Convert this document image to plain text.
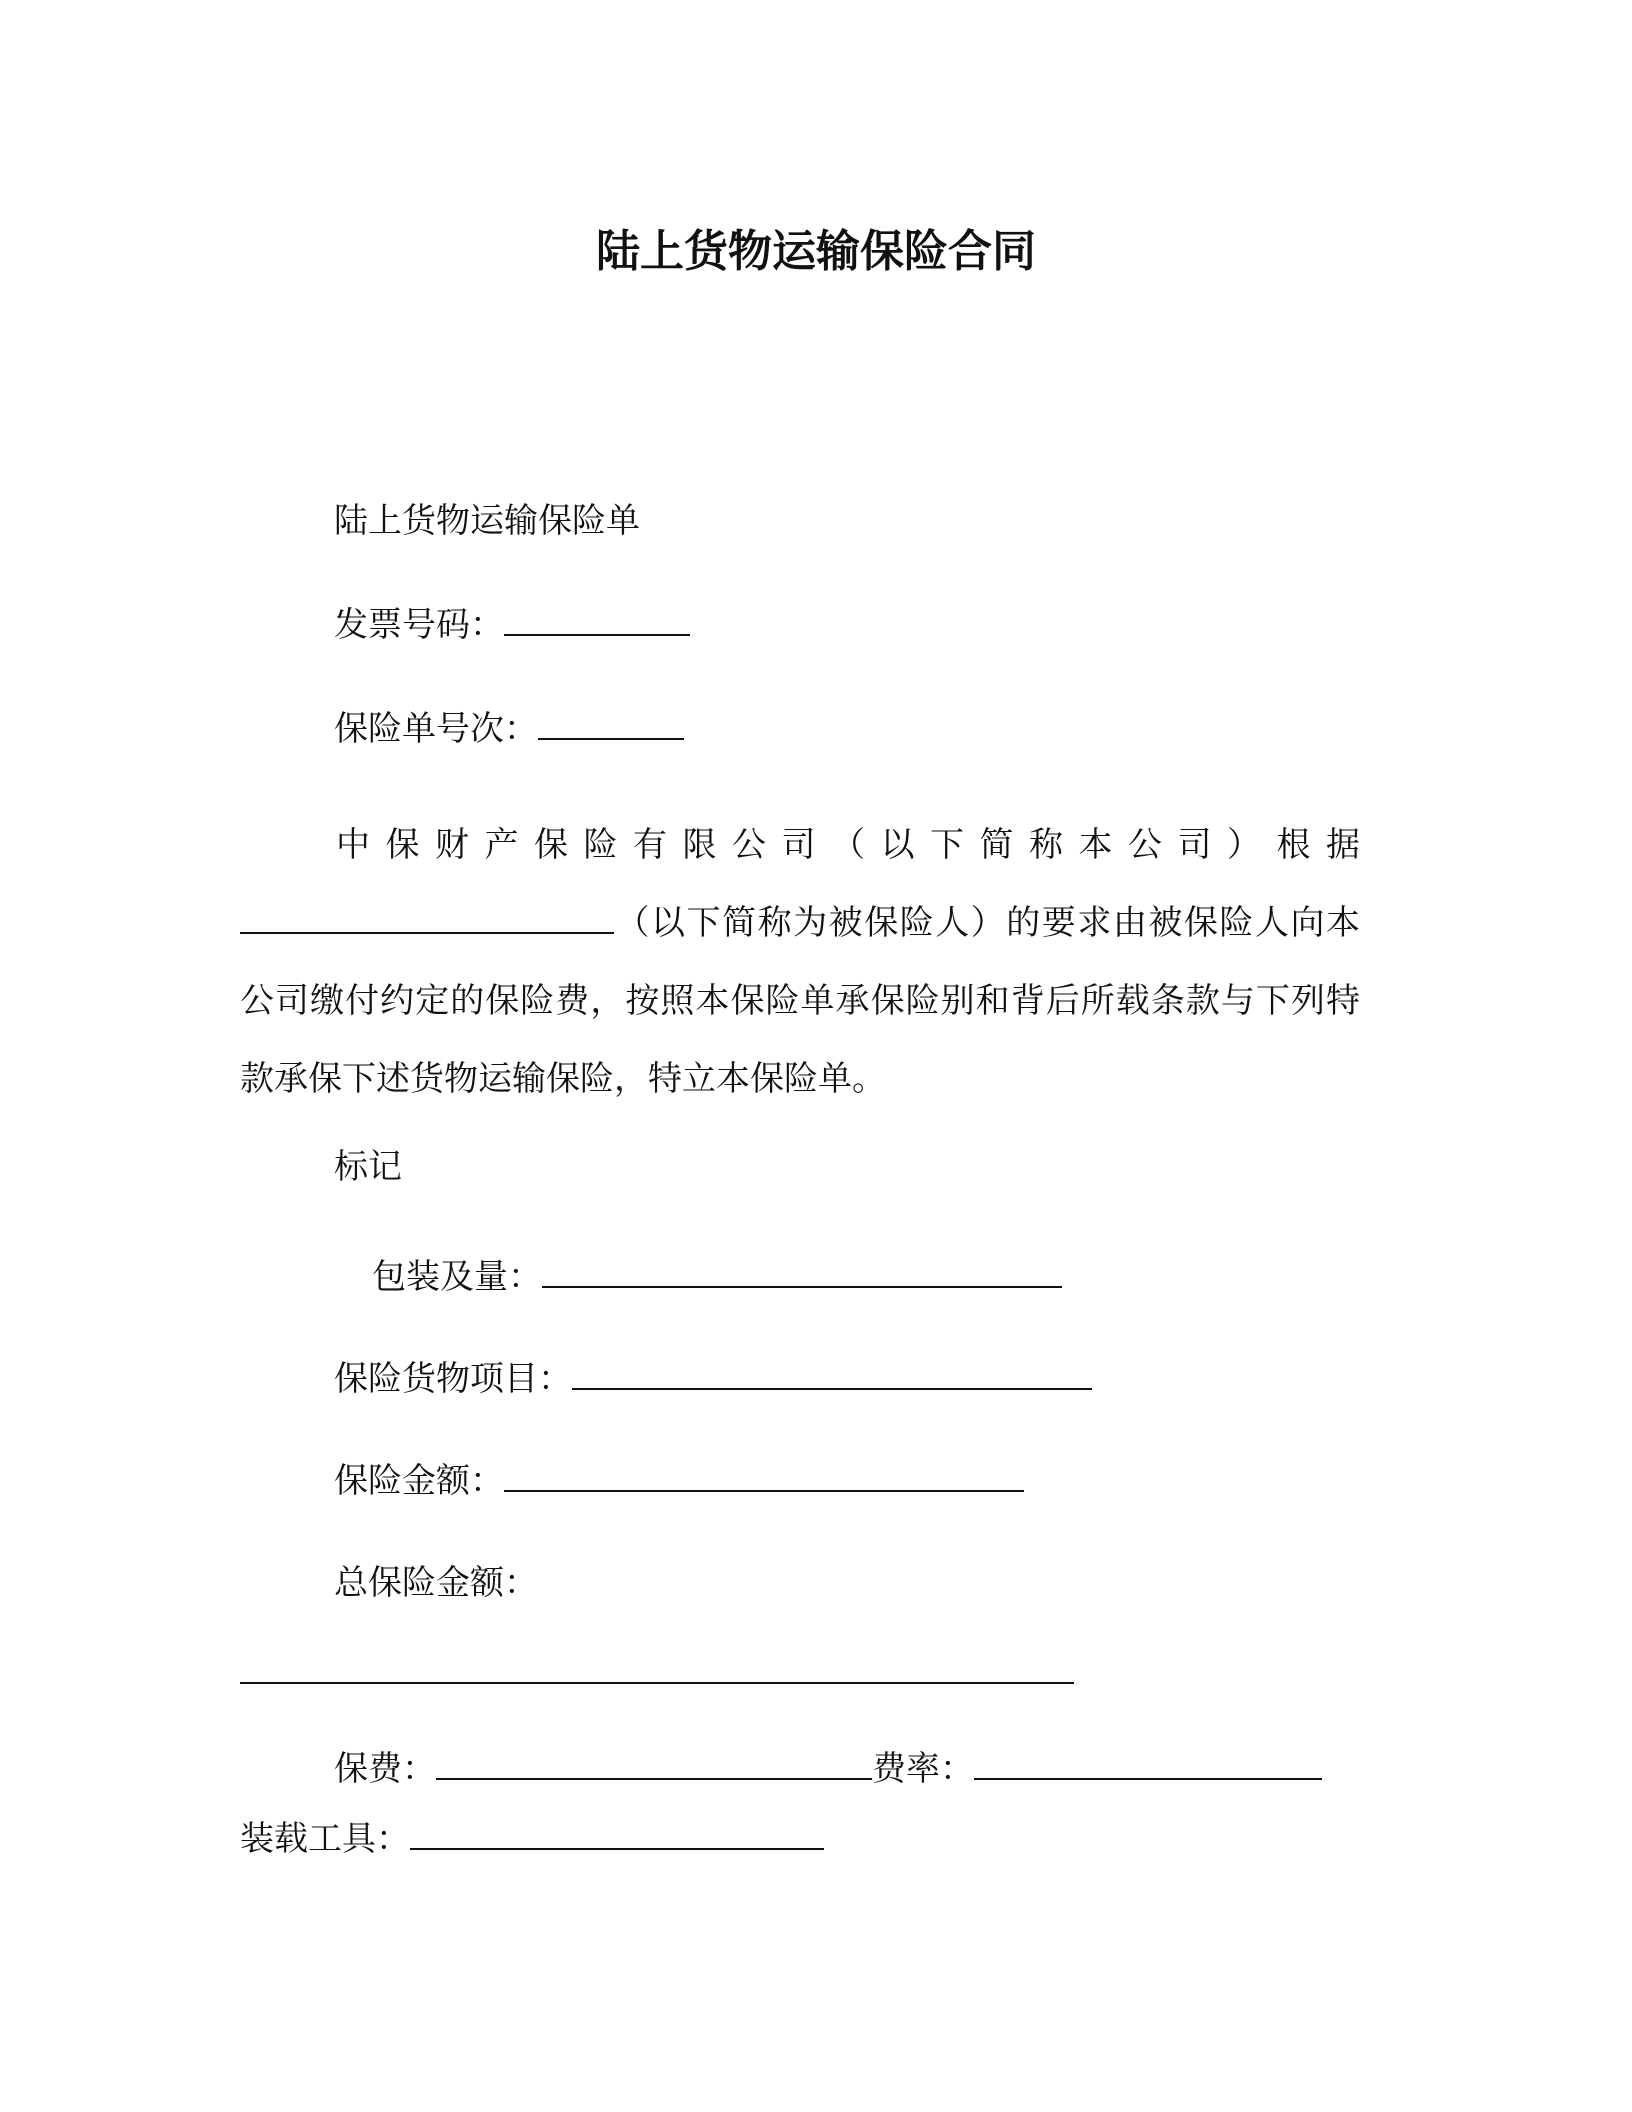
陆上货物运输保险合同
陆上货物运输保险单
发票号码：
保险单号次：
中保财产保险有限公司（以下简称本公司）根据（以下简称为被保险人）的要求由被保险人向本公司缴付约定的保险费，按照本保险单承保险别和背后所载条款与下列特款承保下述货物运输保险，特立本保险单。
标记
包装及量：
保险货物项目：
保险金额：
总保险金额：
保费：	费率：
装载工具：
